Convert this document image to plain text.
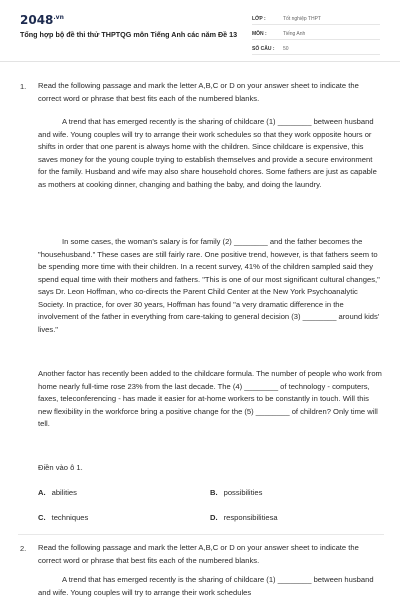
$2048^{.vn}$
Tổng hợp bộ đề thi thử THPTQG môn Tiếng Anh các năm Đề 13
LỚP :	Tốt nghiệp THPT
MÔN :	Tiếng Anh
SỐ CÂU : 50
1. Read the following passage and mark the letter A,B,C or D on your answer sheet to indicate the correct word or phrase that best fits each of the numbered blanks.
A trend that has emerged recently is the sharing of childcare (1) ________ between husband and wife. Young couples will try to arrange their work schedules so that they work opposite hours or shifts in order that one parent is always home with the children. Since childcare is expensive, this saves money for the young couple trying to establish themselves and provide a secure environment for the family. Husband and wife may also share household chores. Some fathers are just as capable as mothers at cooking dinner, changing and bathing the baby, and doing the laundry.
In some cases, the woman's salary is for family (2) ________ and the father becomes the "househusband." These cases are still fairly rare. One positive trend, however, is that fathers seem to be spending more time with their children. In a recent survey, 41% of the children sampled said they spend equal time with their mothers and fathers. "This is one of our most significant cultural changes," says Dr. Leon Hoffman, who co-directs the Parent Child Center at the New York Psychoanalytic Society. In practice, for over 30 years, Hoffman has found "a very dramatic difference in the involvement of the father in everything from care-taking to general decision (3) ________ around kids' lives."
Another factor has recently been added to the childcare formula. The number of people who work from home nearly full-time rose 23% from the last decade. The (4) ________ of technology - computers, faxes, teleconferencing - has made it easier for at-home workers to be constantly in touch. Will this new flexibility in the workforce bring a positive change for the (5) ________ of children? Only time will tell.
Điền vào ô 1.
A. abilities	B. possibilities
C. techniques	D. responsibilitiesa
2. Read the following passage and mark the letter A,B,C or D on your answer sheet to indicate the correct word or phrase that best fits each of the numbered blanks.
A trend that has emerged recently is the sharing of childcare (1) ________ between husband and wife. Young couples will try to arrange their work schedules
